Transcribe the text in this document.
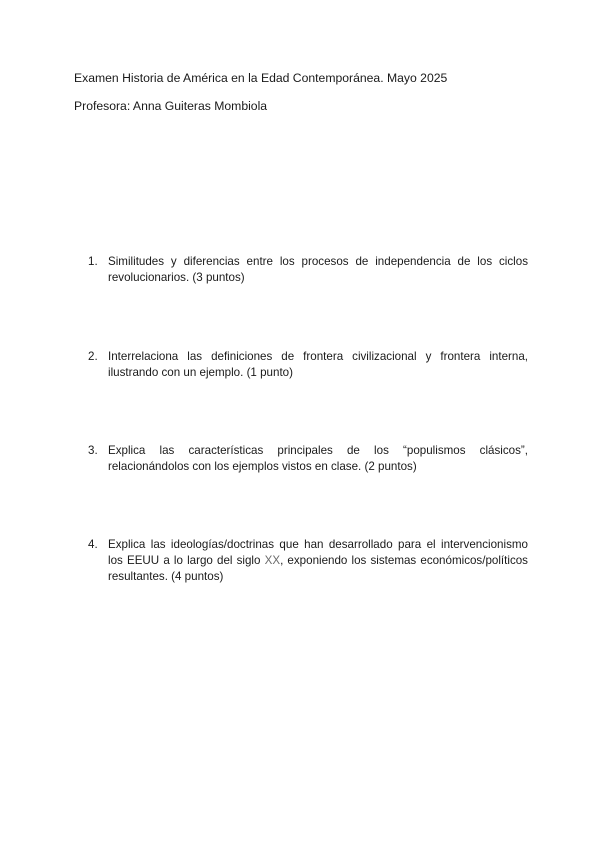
Examen Historia de América en la Edad Contemporánea. Mayo 2025
Profesora: Anna Guiteras Mombiola
1. Similitudes y diferencias entre los procesos de independencia de los ciclos revolucionarios. (3 puntos)
2. Interrelaciona las definiciones de frontera civilizacional y frontera interna, ilustrando con un ejemplo. (1 punto)
3. Explica las características principales de los “populismos clásicos”, relacionándolos con los ejemplos vistos en clase. (2 puntos)
4. Explica las ideologías/doctrinas que han desarrollado para el intervencionismo los EEUU a lo largo del siglo XX, exponiendo los sistemas económicos/políticos resultantes. (4 puntos)
